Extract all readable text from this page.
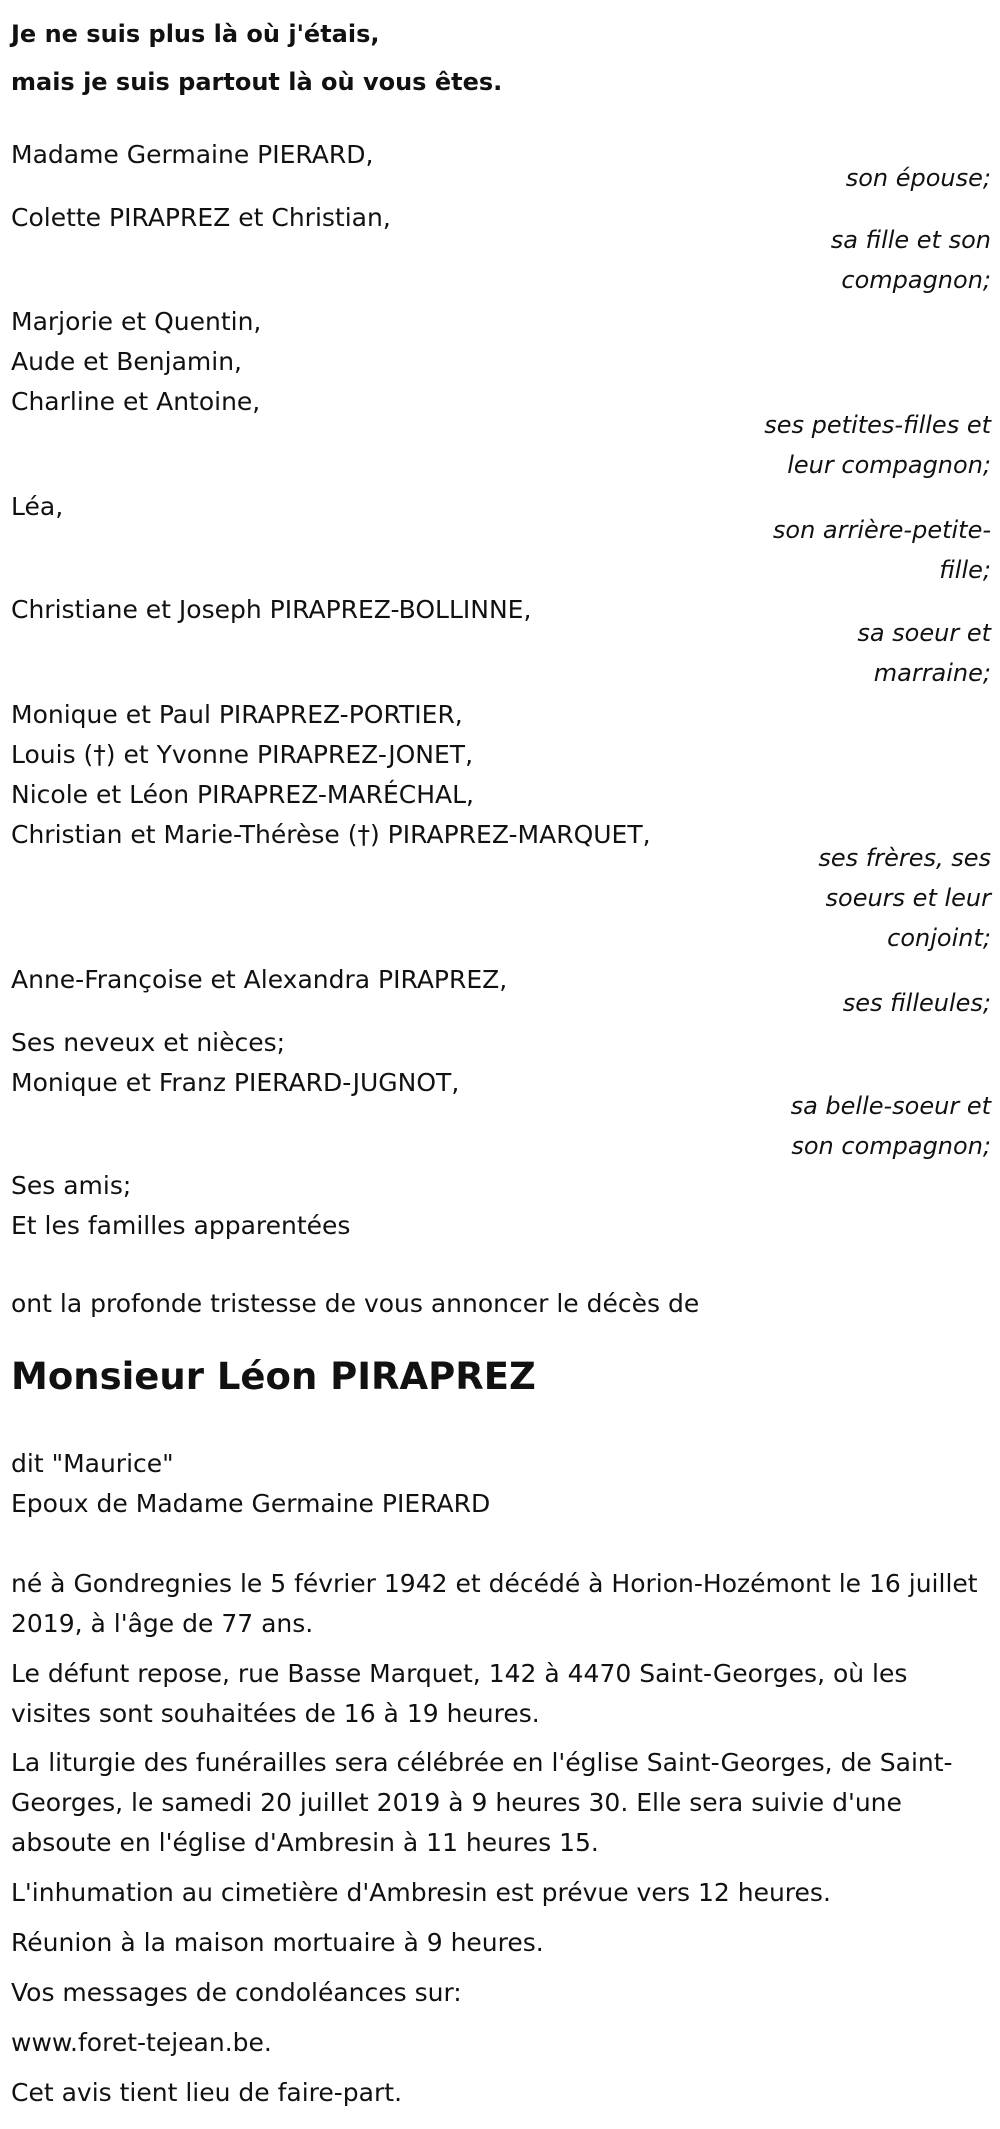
Je ne suis plus là où j'étais,
mais je suis partout là où vous êtes.
Madame Germaine PIERARD,
son épouse;
Colette PIRAPREZ et Christian,
sa fille et son
compagnon;
Marjorie et Quentin,
Aude et Benjamin,
Charline et Antoine,
ses petites-filles et
leur compagnon;
Léa,
son arrière-petite-
fille;
Christiane et Joseph PIRAPREZ-BOLLINNE,
sa soeur et
marraine;
Monique et Paul PIRAPREZ-PORTIER,
Louis (†) et Yvonne PIRAPREZ-JONET,
Nicole et Léon PIRAPREZ-MARÉCHAL,
Christian et Marie-Thérèse (†) PIRAPREZ-MARQUET,
ses frères, ses
soeurs et leur
conjoint;
Anne-Françoise et Alexandra PIRAPREZ,
ses filleules;
Ses neveux et nièces;
Monique et Franz PIERARD-JUGNOT,
sa belle-soeur et
son compagnon;
Ses amis;
Et les familles apparentées
ont la profonde tristesse de vous annoncer le décès de
Monsieur Léon PIRAPREZ
dit "Maurice"
Epoux de Madame Germaine PIERARD
né à Gondregnies le 5 février 1942 et décédé à Horion-Hozémont le 16 juillet 2019, à l'âge de 77 ans.
Le défunt repose, rue Basse Marquet, 142 à 4470 Saint-Georges, où les visites sont souhaitées de 16 à 19 heures.
La liturgie des funérailles sera célébrée en l'église Saint-Georges, de Saint-Georges, le samedi 20 juillet 2019 à 9 heures 30. Elle sera suivie d'une absoute en l'église d'Ambresin à 11 heures 15.
L'inhumation au cimetière d'Ambresin est prévue vers 12 heures.
Réunion à la maison mortuaire à 9 heures.
Vos messages de condoléances sur:
www.foret-tejean.be.
Cet avis tient lieu de faire-part.
